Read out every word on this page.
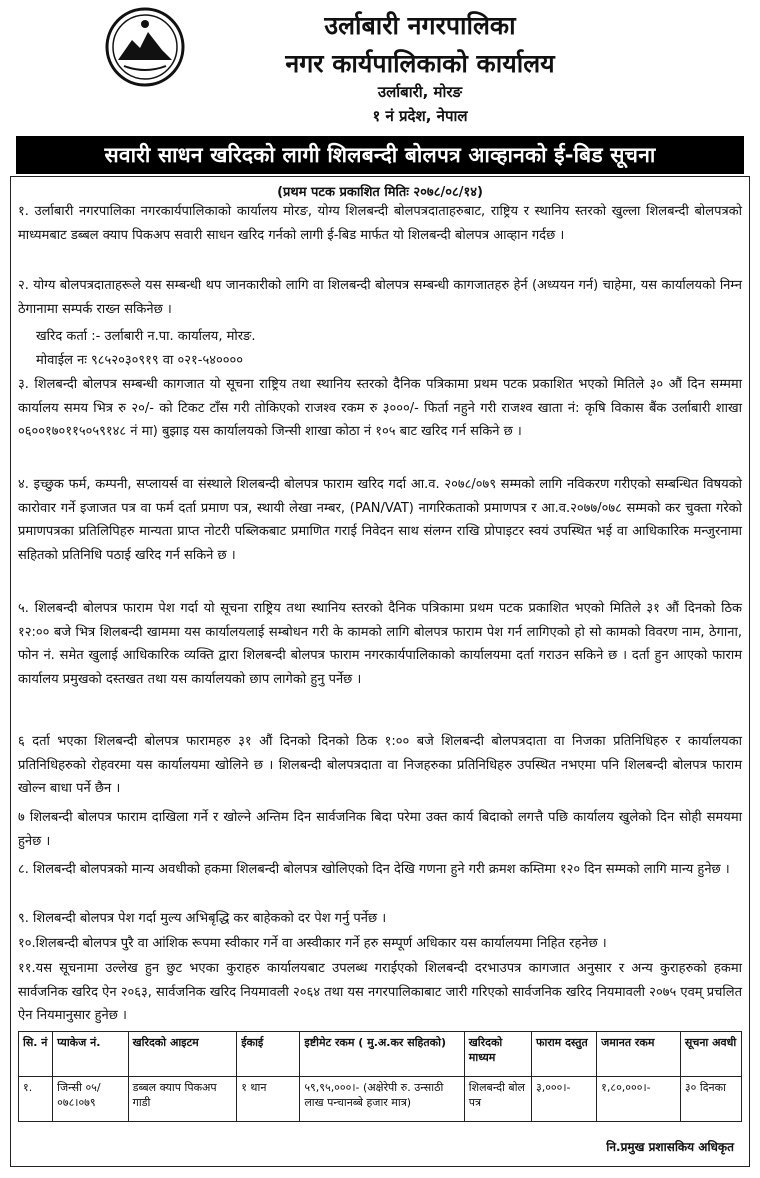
उर्लाबारी नगरपालिका
नगर कार्यपालिकाको कार्यालय
उर्लाबारी, मोरङ
१ नं प्रदेश, नेपाल
सवारी साधन खरिदको लागी शिलबन्दी बोलपत्र आव्हानको ई-बिड सूचना
(प्रथम पटक प्रकाशित मितिः २०७८/०८/१४)
१. उर्लाबारी नगरपालिका नगरकार्यपालिकाको कार्यालय मोरङ, योग्य शिलबन्दी बोलपत्रदाताहरुबाट, राष्ट्रिय र स्थानिय स्तरको खुल्ला शिलबन्दी बोलपत्रको माध्यमबाट डब्बल क्याप पिकअप सवारी साधन खरिद गर्नको लागी ई-बिड मार्फत यो शिलबन्दी बोलपत्र आव्हान गर्दछ ।
२. योग्य बोलपत्रदाताहरूले यस सम्बन्धी थप जानकारीको लागि वा शिलबन्दी बोलपत्र सम्बन्धी कागजातहरु हेर्न (अध्ययन गर्न) चाहेमा, यस कार्यालयको निम्न ठेगानामा सम्पर्क राख्न सकिनेछ ।
खरिद कर्ता :- उर्लाबारी न.पा. कार्यालय, मोरङ.
मोवाईल नः ९८५२०३०९१९ वा ०२१-५४००००
३. शिलबन्दी बोलपत्र सम्बन्धी कागजात यो सूचना राष्ट्रिय तथा स्थानिय स्तरको दैनिक पत्रिकामा प्रथम पटक प्रकाशित भएको मितिले ३० औं दिन सम्ममा कार्यालय समय भित्र रु २०/- को टिकट टाँस गरी तोकिएको राजश्व रकम रु ३०००/- फिर्ता नहुने गरी राजश्व खाता नं: कृषि विकास बैंक उर्लाबारी शाखा ०६००१७०११५०५९१४८ नं मा) बुझाइ यस कार्यालयको जिन्सी शाखा कोठा नं १०५ बाट खरिद गर्न सकिने छ ।
४. इच्छुक फर्म, कम्पनी, सप्लायर्स वा संस्थाले शिलबन्दी बोलपत्र फाराम खरिद गर्दा आ.व. २०७८/०७९ सम्मको लागि नविकरण गरीएको सम्बन्धित विषयको कारोवार गर्ने इजाजत पत्र वा फर्म दर्ता प्रमाण पत्र, स्थायी लेखा नम्बर, (PAN/VAT) नागरिकताको प्रमाणपत्र र आ.व.२०७७/०७८ सम्मको कर चुक्ता गरेको प्रमाणपत्रका प्रतिलिपिहरु मान्यता प्राप्त नोटरी पब्लिकबाट प्रमाणित गराई निवेदन साथ संलग्न राखि प्रोपाइटर स्वयं उपस्थित भई वा आधिकारिक मन्जुरनामा सहितको प्रतिनिधि पठाई खरिद गर्न सकिने छ ।
५. शिलबन्दी बोलपत्र फाराम पेश गर्दा यो सूचना राष्ट्रिय तथा स्थानिय स्तरको दैनिक पत्रिकामा प्रथम पटक प्रकाशित भएको मितिले ३१ औं दिनको ठिक १२:०० बजे भित्र शिलबन्दी खाममा यस कार्यालयलाई सम्बोधन गरी के कामको लागि बोलपत्र फाराम पेश गर्न लागिएको हो सो कामको विवरण नाम, ठेगाना, फोन नं. समेत खुलाई आधिकारिक व्यक्ति द्वारा शिलबन्दी बोलपत्र फाराम नगरकार्यपालिकाको कार्यालयमा दर्ता गराउन सकिने छ । दर्ता हुन आएको फाराम कार्यालय प्रमुखको दस्तखत तथा यस कार्यालयको छाप लागेको हुनु पर्नेछ ।
६ दर्ता भएका शिलबन्दी बोलपत्र फारामहरु ३१ औं दिनको दिनको ठिक १:०० बजे शिलबन्दी बोलपत्रदाता वा निजका प्रतिनिधिहरु र कार्यालयका प्रतिनिधिहरुको रोहवरमा यस कार्यालयमा खोलिने छ । शिलबन्दी बोलपत्रदाता वा निजहरुका प्रतिनिधिहरु उपस्थित नभएमा पनि शिलबन्दी बोलपत्र फाराम खोल्न बाधा पर्ने छैन ।
७ शिलबन्दी बोलपत्र फाराम दाखिला गर्ने र खोल्ने अन्तिम दिन सार्वजनिक बिदा परेमा उक्त कार्य बिदाको लगत्तै पछि कार्यालय खुलेको दिन सोही समयमा हुनेछ ।
८. शिलबन्दी बोलपत्रको मान्य अवधीको हकमा शिलबन्दी बोलपत्र खोलिएको दिन देखि गणना हुने गरी क्रमश कम्तिमा १२० दिन सम्मको लागि मान्य हुनेछ ।
९. शिलबन्दी बोलपत्र पेश गर्दा मुल्य अभिबृद्धि कर बाहेकको दर पेश गर्नु पर्नेछ ।
१०.शिलबन्दी बोलपत्र पुरै वा आंशिक रूपमा स्वीकार गर्ने वा अस्वीकार गर्ने हरु सम्पूर्ण अधिकार यस कार्यालयमा निहित रहनेछ ।
११.यस सूचनामा उल्लेख हुन छुट भएका कुराहरु कार्यालयबाट उपलब्ध गराईएको शिलबन्दी दरभाउपत्र कागजात अनुसार र अन्य कुराहरुको हकमा सार्वजनिक खरिद ऐन २०६३, सार्वजनिक खरिद नियमावली २०६४ तथा यस नगरपालिकाबाट जारी गरिएको सार्वजनिक खरिद नियमावली २०७५ एवम् प्रचलित ऐन नियमानुसार हुनेछ ।
सि. नं	प्याकेज नं.	खरिदको आइटम	ईकाई	इष्टीमेट रकम ( मु.अ.कर सहितको)	खरिदको माध्यम	फाराम दस्तुत	जमानत रकम	सूचना अवधी
१.	जिन्सी ०५/ ०७८।०७९	डब्बल क्याप पिकअप गाडी	१ थान	५९,९५,०००।- (अक्षेरेपी रु. उन्साठी लाख पन्चानब्बे हजार मात्र)	शिलबन्दी बोल पत्र	३,०००।-	१,८०,०००।-	३० दिनका
नि.प्रमुख प्रशासकिय अधिकृत
